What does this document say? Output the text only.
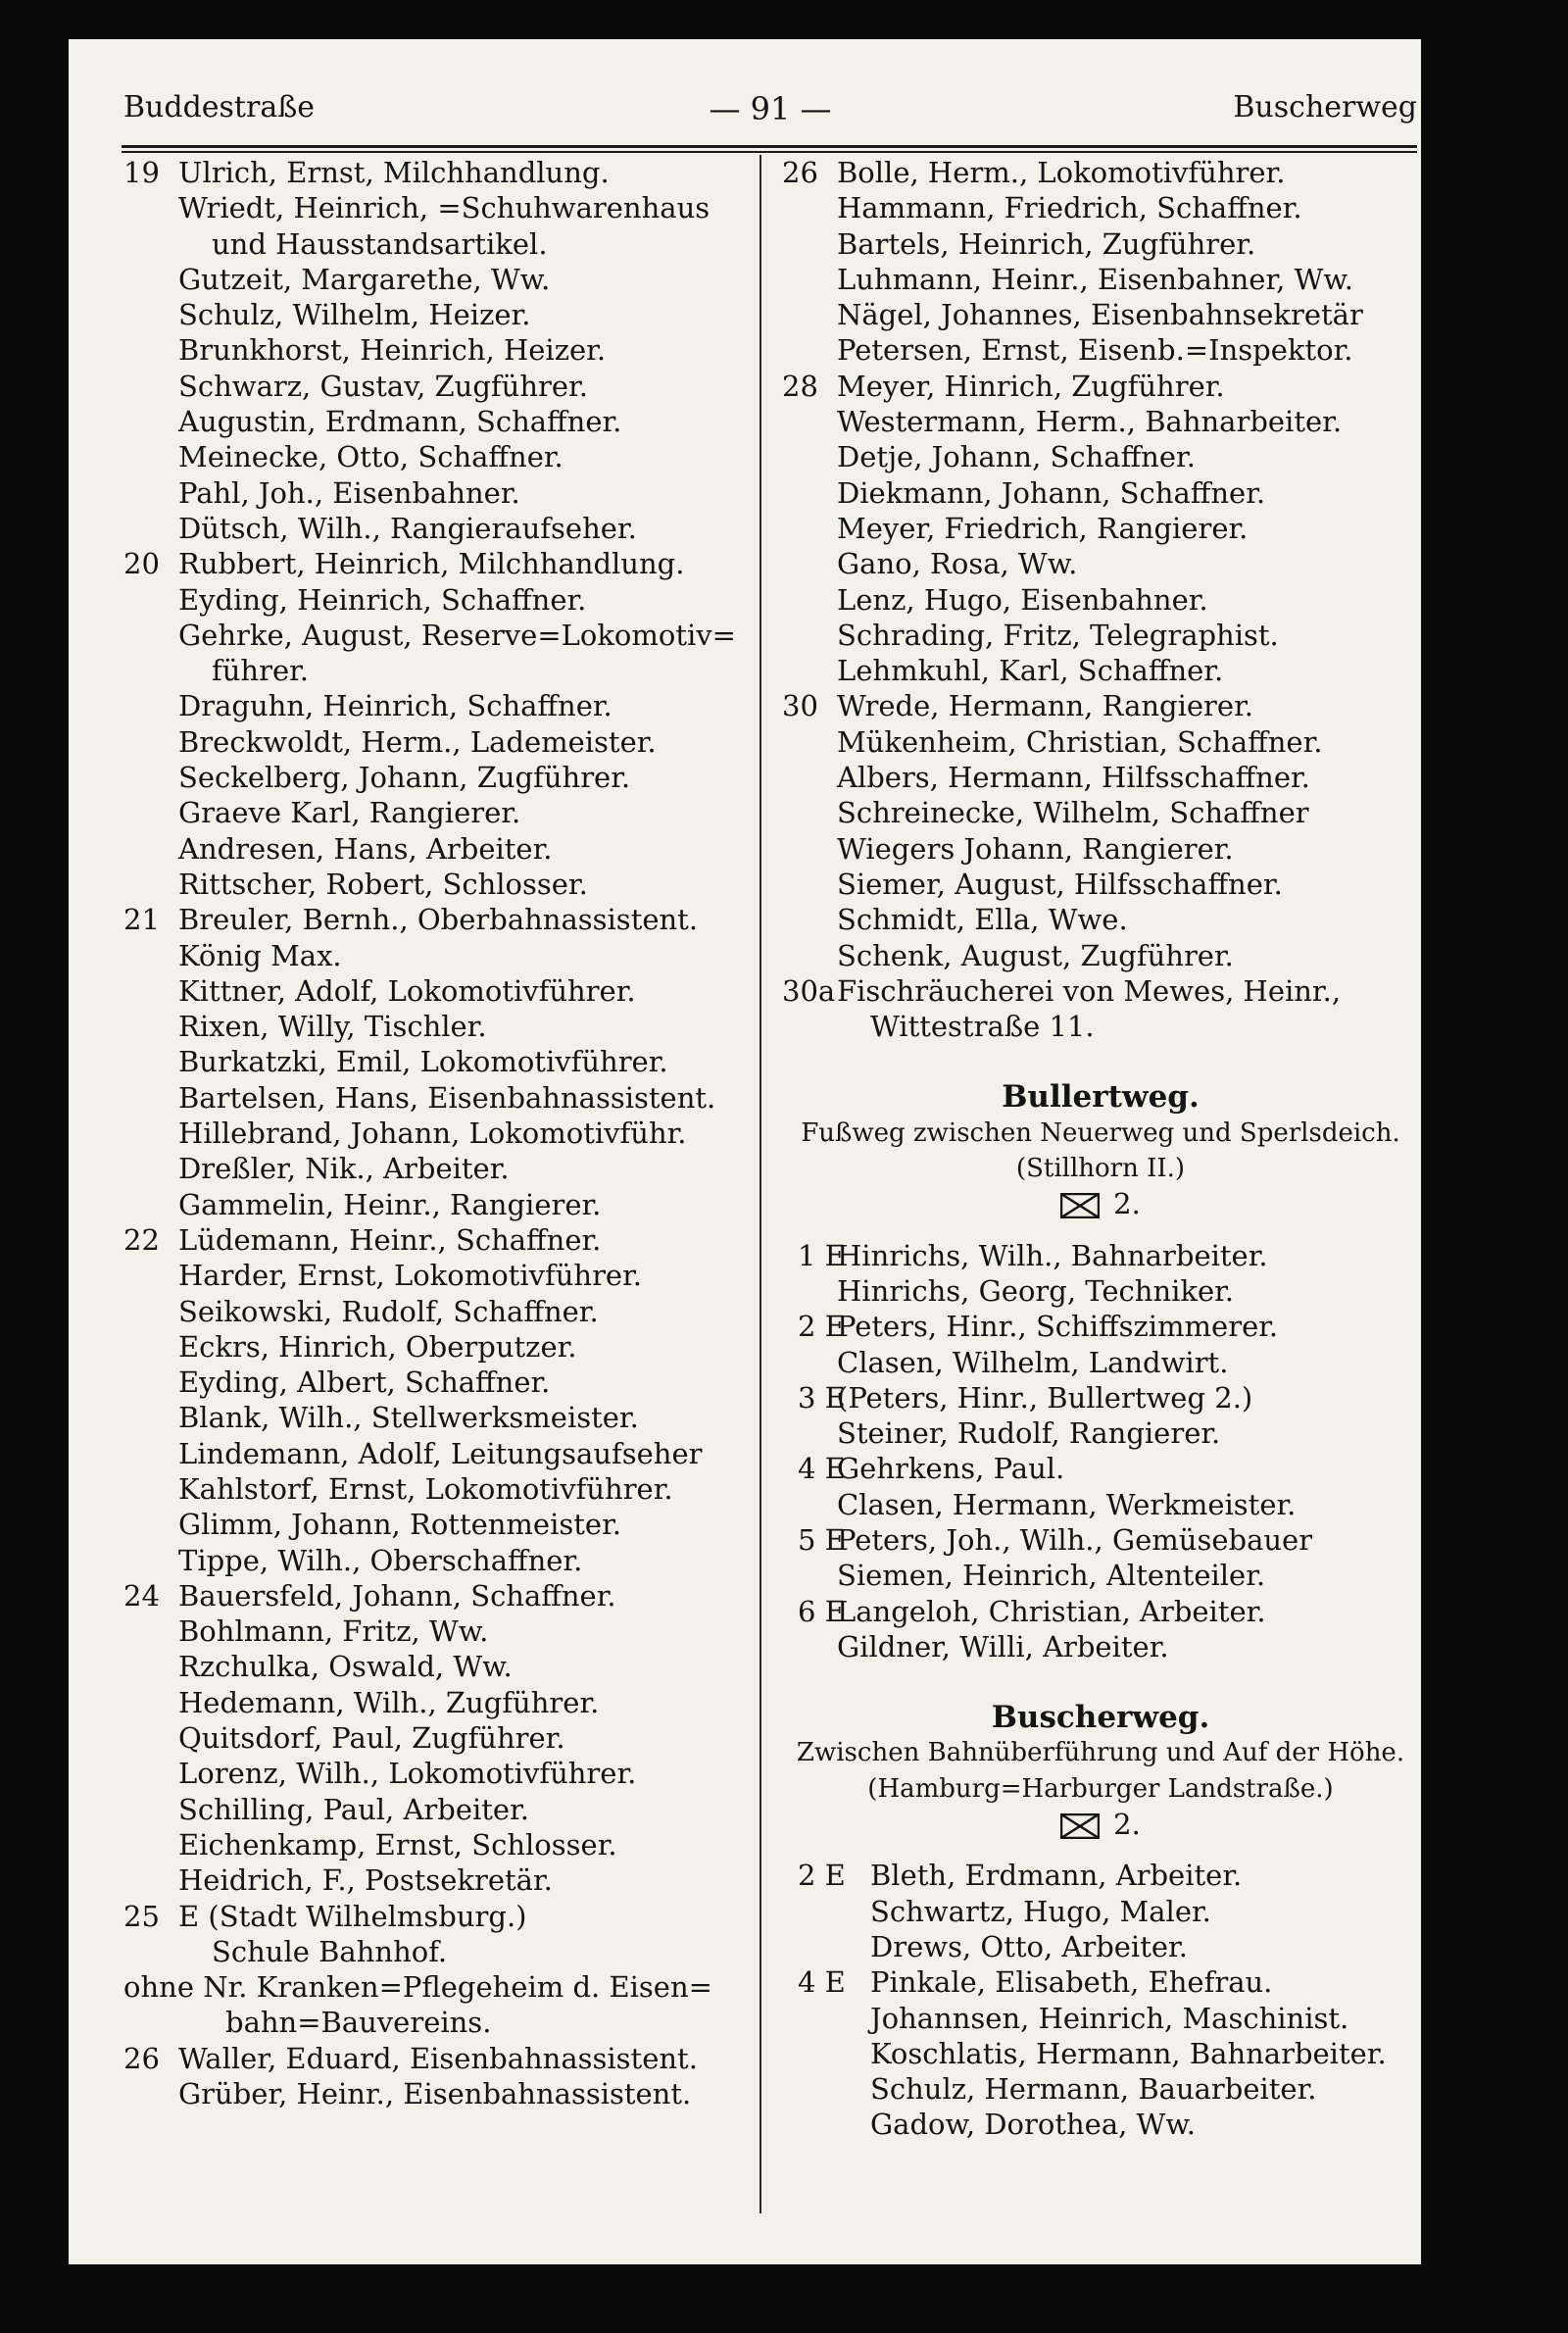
Buddestraße	— 91 —	Buscherweg
19 Ulrich, Ernst, Milchhandlung.
Wriedt, Heinrich, =Schuhwarenhaus
und Hausstandsartikel.
Gutzeit, Margarethe, Ww.
Schulz, Wilhelm, Heizer.
Brunkhorst, Heinrich, Heizer.
Schwarz, Gustav, Zugführer.
Augustin, Erdmann, Schaffner.
Meinecke, Otto, Schaffner.
Pahl, Joh., Eisenbahner.
Dütsch, Wilh., Rangieraufseher.
20 Rubbert, Heinrich, Milchhandlung.
Eyding, Heinrich, Schaffner.
Gehrke, August, Reserve=Lokomotiv=
führer.
Draguhn, Heinrich, Schaffner.
Breckwoldt, Herm., Lademeister.
Seckelberg, Johann, Zugführer.
Graeve Karl, Rangierer.
Andresen, Hans, Arbeiter.
Rittscher, Robert, Schlosser.
21 Breuler, Bernh., Oberbahnassistent.
König Max.
Kittner, Adolf, Lokomotivführer.
Rixen, Willy, Tischler.
Burkatzki, Emil, Lokomotivführer.
Bartelsen, Hans, Eisenbahnassistent.
Hillebrand, Johann, Lokomotivführ.
Dreßler, Nik., Arbeiter.
Gammelin, Heinr., Rangierer.
22 Lüdemann, Heinr., Schaffner.
Harder, Ernst, Lokomotivführer.
Seikowski, Rudolf, Schaffner.
Eckrs, Hinrich, Oberputzer.
Eyding, Albert, Schaffner.
Blank, Wilh., Stellwerksmeister.
Lindemann, Adolf, Leitungsaufseher
Kahlstorf, Ernst, Lokomotivführer.
Glimm, Johann, Rottenmeister.
Tippe, Wilh., Oberschaffner.
24 Bauersfeld, Johann, Schaffner.
Bohlmann, Fritz, Ww.
Rzchulka, Oswald, Ww.
Hedemann, Wilh., Zugführer.
Quitsdorf, Paul, Zugführer.
Lorenz, Wilh., Lokomotivführer.
Schilling, Paul, Arbeiter.
Eichenkamp, Ernst, Schlosser.
Heidrich, F., Postsekretär.
25 E (Stadt Wilhelmsburg.)
Schule Bahnhof.
ohne Nr. Kranken=Pflegeheim d. Eisen=
bahn=Bauvereins.
26 Waller, Eduard, Eisenbahnassistent.
Grüber, Heinr., Eisenbahnassistent.
26 Bolle, Herm., Lokomotivführer.
Hammann, Friedrich, Schaffner.
Bartels, Heinrich, Zugführer.
Luhmann, Heinr., Eisenbahner, Ww.
Nägel, Johannes, Eisenbahnsekretär
Petersen, Ernst, Eisenb.=Inspektor.
28 Meyer, Hinrich, Zugführer.
Westermann, Herm., Bahnarbeiter.
Detje, Johann, Schaffner.
Diekmann, Johann, Schaffner.
Meyer, Friedrich, Rangierer.
Gano, Rosa, Ww.
Lenz, Hugo, Eisenbahner.
Schrading, Fritz, Telegraphist.
Lehmkuhl, Karl, Schaffner.
30 Wrede, Hermann, Rangierer.
Mükenheim, Christian, Schaffner.
Albers, Hermann, Hilfsschaffner.
Schreinecke, Wilhelm, Schaffner
Wiegers Johann, Rangierer.
Siemer, August, Hilfsschaffner.
Schmidt, Ella, Wwe.
Schenk, August, Zugführer.
30a Fischräucherei von Mewes, Heinr.,
Wittestraße 11.
Bullertweg.
Fußweg zwischen Neuerweg und Sperlsdeich.
(Stillhorn II.)
2.
1 E
Hinrichs, Wilh., Bahnarbeiter.
Hinrichs, Georg, Techniker.
2 E
Peters, Hinr., Schiffszimmerer.
Clasen, Wilhelm, Landwirt.
3 E
(Peters, Hinr., Bullertweg 2.)
Steiner, Rudolf, Rangierer.
4 E
Gehrkens, Paul.
Clasen, Hermann, Werkmeister.
5 E
Peters, Joh., Wilh., Gemüsebauer
Siemen, Heinrich, Altenteiler.
6 E
Langeloh, Christian, Arbeiter.
Gildner, Willi, Arbeiter.
Buscherweg.
Zwischen Bahnüberführung und Auf der Höhe.
(Hamburg=Harburger Landstraße.)
2.
2 E Bleth, Erdmann, Arbeiter.
Schwartz, Hugo, Maler.
Drews, Otto, Arbeiter.
4 E Pinkale, Elisabeth, Ehefrau.
Johannsen, Heinrich, Maschinist.
Koschlatis, Hermann, Bahnarbeiter.
Schulz, Hermann, Bauarbeiter.
Gadow, Dorothea, Ww.
